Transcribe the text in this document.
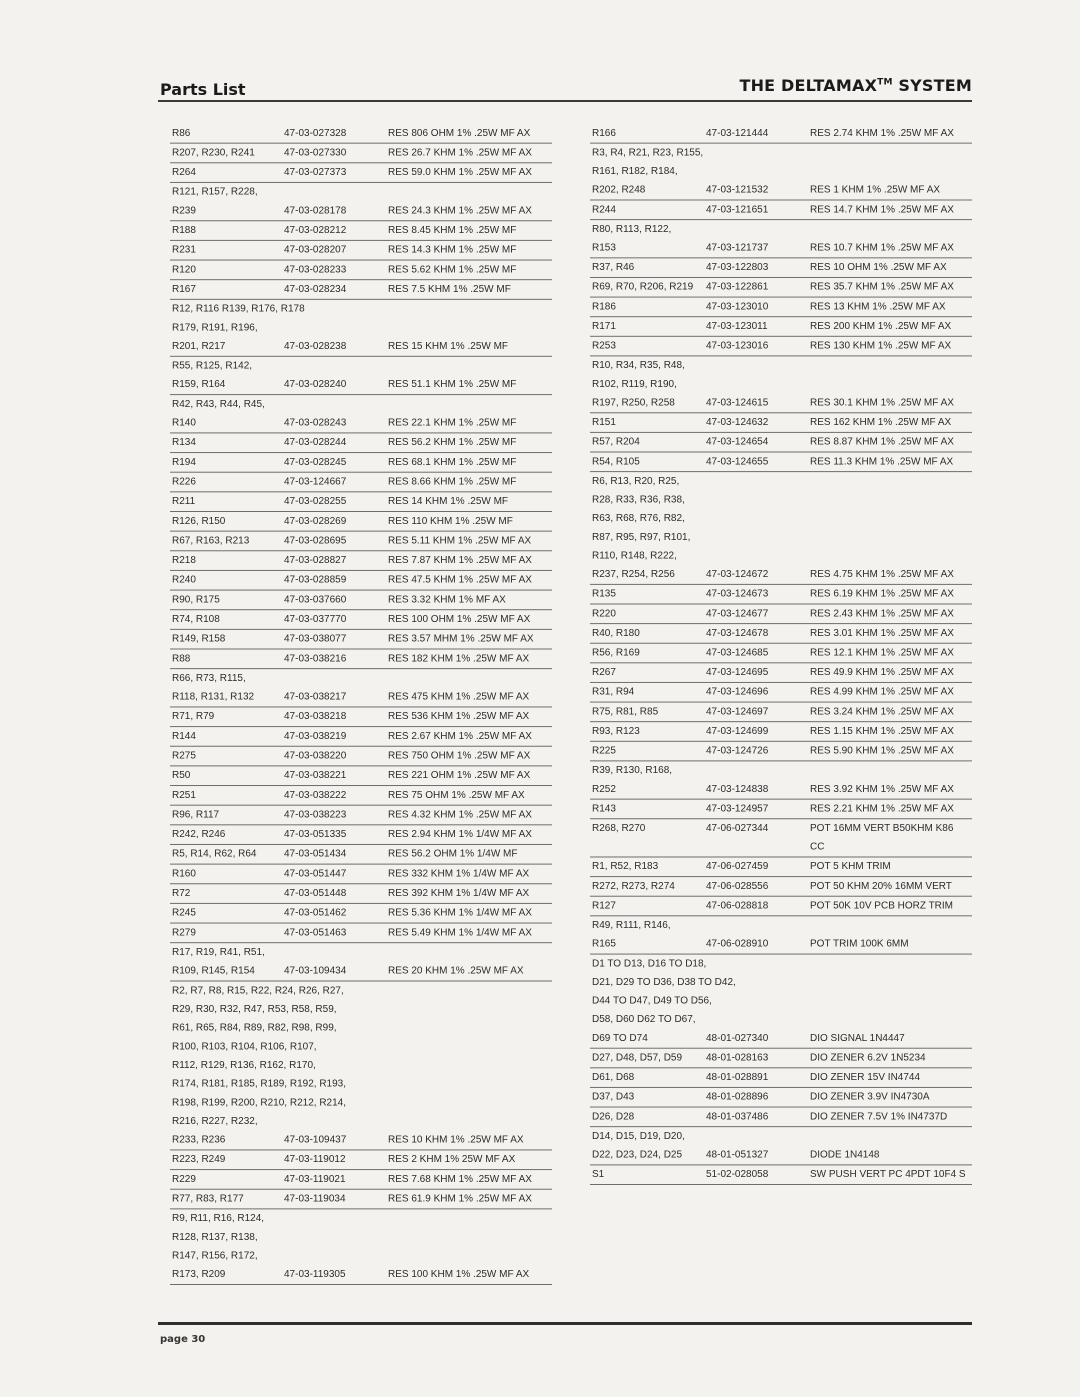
Parts List	THE DELTAMAX™ SYSTEM
R86	47-03-027328	RES 806 OHM 1% .25W MF AX
R207, R230, R241	47-03-027330	RES 26.7 KHM 1% .25W MF AX
R264	47-03-027373	RES 59.0 KHM 1% .25W MF AX
R121, R157, R228,
R239	47-03-028178	RES 24.3 KHM 1% .25W MF AX
R188	47-03-028212	RES 8.45 KHM 1% .25W MF
R231	47-03-028207	RES 14.3 KHM 1% .25W MF
R120	47-03-028233	RES 5.62 KHM 1% .25W MF
R167	47-03-028234	RES 7.5 KHM 1% .25W MF
R12, R116 R139, R176, R178
R179, R191, R196,
R201, R217	47-03-028238	RES 15 KHM 1% .25W MF
R55, R125, R142,
R159, R164	47-03-028240	RES 51.1 KHM 1% .25W MF
R42, R43, R44, R45,
R140	47-03-028243	RES 22.1 KHM 1% .25W MF
R134	47-03-028244	RES 56.2 KHM 1% .25W MF
R194	47-03-028245	RES 68.1 KHM 1% .25W MF
R226	47-03-124667	RES 8.66 KHM 1% .25W MF
R211	47-03-028255	RES 14 KHM 1% .25W MF
R126, R150	47-03-028269	RES 110 KHM 1% .25W MF
R67, R163, R213	47-03-028695	RES 5.11 KHM 1% .25W MF AX
R218	47-03-028827	RES 7.87 KHM 1% .25W MF AX
R240	47-03-028859	RES 47.5 KHM 1% .25W MF AX
R90, R175	47-03-037660	RES 3.32 KHM 1% MF AX
R74, R108	47-03-037770	RES 100 OHM 1% .25W MF AX
R149, R158	47-03-038077	RES 3.57 MHM 1% .25W MF AX
R88	47-03-038216	RES 182 KHM 1% .25W MF AX
R66, R73, R115,
R118, R131, R132	47-03-038217	RES 475 KHM 1% .25W MF AX
R71, R79	47-03-038218	RES 536 KHM 1% .25W MF AX
R144	47-03-038219	RES 2.67 KHM 1% .25W MF AX
R275	47-03-038220	RES 750 OHM 1% .25W MF AX
R50	47-03-038221	RES 221 OHM 1% .25W MF AX
R251	47-03-038222	RES 75 OHM 1% .25W MF AX
R96, R117	47-03-038223	RES 4.32 KHM 1% .25W MF AX
R242, R246	47-03-051335	RES 2.94 KHM 1% 1/4W MF AX
R5, R14, R62, R64	47-03-051434	RES 56.2 OHM 1% 1/4W MF
R160	47-03-051447	RES 332 KHM 1% 1/4W MF AX
R72	47-03-051448	RES 392 KHM 1% 1/4W MF AX
R245	47-03-051462	RES 5.36 KHM 1% 1/4W MF AX
R279	47-03-051463	RES 5.49 KHM 1% 1/4W MF AX
R17, R19, R41, R51,
R109, R145, R154	47-03-109434	RES 20 KHM 1% .25W MF AX
R2, R7, R8, R15, R22, R24, R26, R27,
R29, R30, R32, R47, R53, R58, R59,
R61, R65, R84, R89, R82, R98, R99,
R100, R103, R104, R106, R107,
R112, R129, R136, R162, R170,
R174, R181, R185, R189, R192, R193,
R198, R199, R200, R210, R212, R214,
R216, R227, R232,
R233, R236	47-03-109437	RES 10 KHM 1% .25W MF AX
R223, R249	47-03-119012	RES 2 KHM 1% 25W MF AX
R229	47-03-119021	RES 7.68 KHM 1% .25W MF AX
R77, R83, R177	47-03-119034	RES 61.9 KHM 1% .25W MF AX
R9, R11, R16, R124,
R128, R137, R138,
R147, R156, R172,
R173, R209	47-03-119305	RES 100 KHM 1% .25W MF AX
R166	47-03-121444	RES 2.74 KHM 1% .25W MF AX
R3, R4, R21, R23, R155,
R161, R182, R184,
R202, R248	47-03-121532	RES 1 KHM 1% .25W MF AX
R244	47-03-121651	RES 14.7 KHM 1% .25W MF AX
R80, R113, R122,
R153	47-03-121737	RES 10.7 KHM 1% .25W MF AX
R37, R46	47-03-122803	RES 10 OHM 1% .25W MF AX
R69, R70, R206, R219	47-03-122861	RES 35.7 KHM 1% .25W MF AX
R186	47-03-123010	RES 13 KHM 1% .25W MF AX
R171	47-03-123011	RES 200 KHM 1% .25W MF AX
R253	47-03-123016	RES 130 KHM 1% .25W MF AX
R10, R34, R35, R48,
R102, R119, R190,
R197, R250, R258	47-03-124615	RES 30.1 KHM 1% .25W MF AX
R151	47-03-124632	RES 162 KHM 1% .25W MF AX
R57, R204	47-03-124654	RES 8.87 KHM 1% .25W MF AX
R54, R105	47-03-124655	RES 11.3 KHM 1% .25W MF AX
R6, R13, R20, R25,
R28, R33, R36, R38,
R63, R68, R76, R82,
R87, R95, R97, R101,
R110, R148, R222,
R237, R254, R256	47-03-124672	RES 4.75 KHM 1% .25W MF AX
R135	47-03-124673	RES 6.19 KHM 1% .25W MF AX
R220	47-03-124677	RES 2.43 KHM 1% .25W MF AX
R40, R180	47-03-124678	RES 3.01 KHM 1% .25W MF AX
R56, R169	47-03-124685	RES 12.1 KHM 1% .25W MF AX
R267	47-03-124695	RES 49.9 KHM 1% .25W MF AX
R31, R94	47-03-124696	RES 4.99 KHM 1% .25W MF AX
R75, R81, R85	47-03-124697	RES 3.24 KHM 1% .25W MF AX
R93, R123	47-03-124699	RES 1.15 KHM 1% .25W MF AX
R225	47-03-124726	RES 5.90 KHM 1% .25W MF AX
R39, R130, R168,
R252	47-03-124838	RES 3.92 KHM 1% .25W MF AX
R143	47-03-124957	RES 2.21 KHM 1% .25W MF AX
R268, R270	47-06-027344	POT 16MM VERT B50KHM K86
CC
R1, R52, R183	47-06-027459	POT 5 KHM TRIM
R272, R273, R274	47-06-028556	POT 50 KHM 20% 16MM VERT
R127	47-06-028818	POT 50K 10V PCB HORZ TRIM
R49, R111, R146,
R165	47-06-028910	POT TRIM 100K 6MM
D1 TO D13, D16 TO D18,
D21, D29 TO D36, D38 TO D42,
D44 TO D47, D49 TO D56,
D58, D60 D62 TO D67,
D69 TO D74	48-01-027340	DIO SIGNAL 1N4447
D27, D48, D57, D59	48-01-028163	DIO ZENER 6.2V 1N5234
D61, D68	48-01-028891	DIO ZENER 15V IN4744
D37, D43	48-01-028896	DIO ZENER 3.9V IN4730A
D26, D28	48-01-037486	DIO ZENER 7.5V 1% IN4737D
D14, D15, D19, D20,
D22, D23, D24, D25	48-01-051327	DIODE 1N4148
S1	51-02-028058	SW PUSH VERT PC 4PDT 10F4 S
page 30
